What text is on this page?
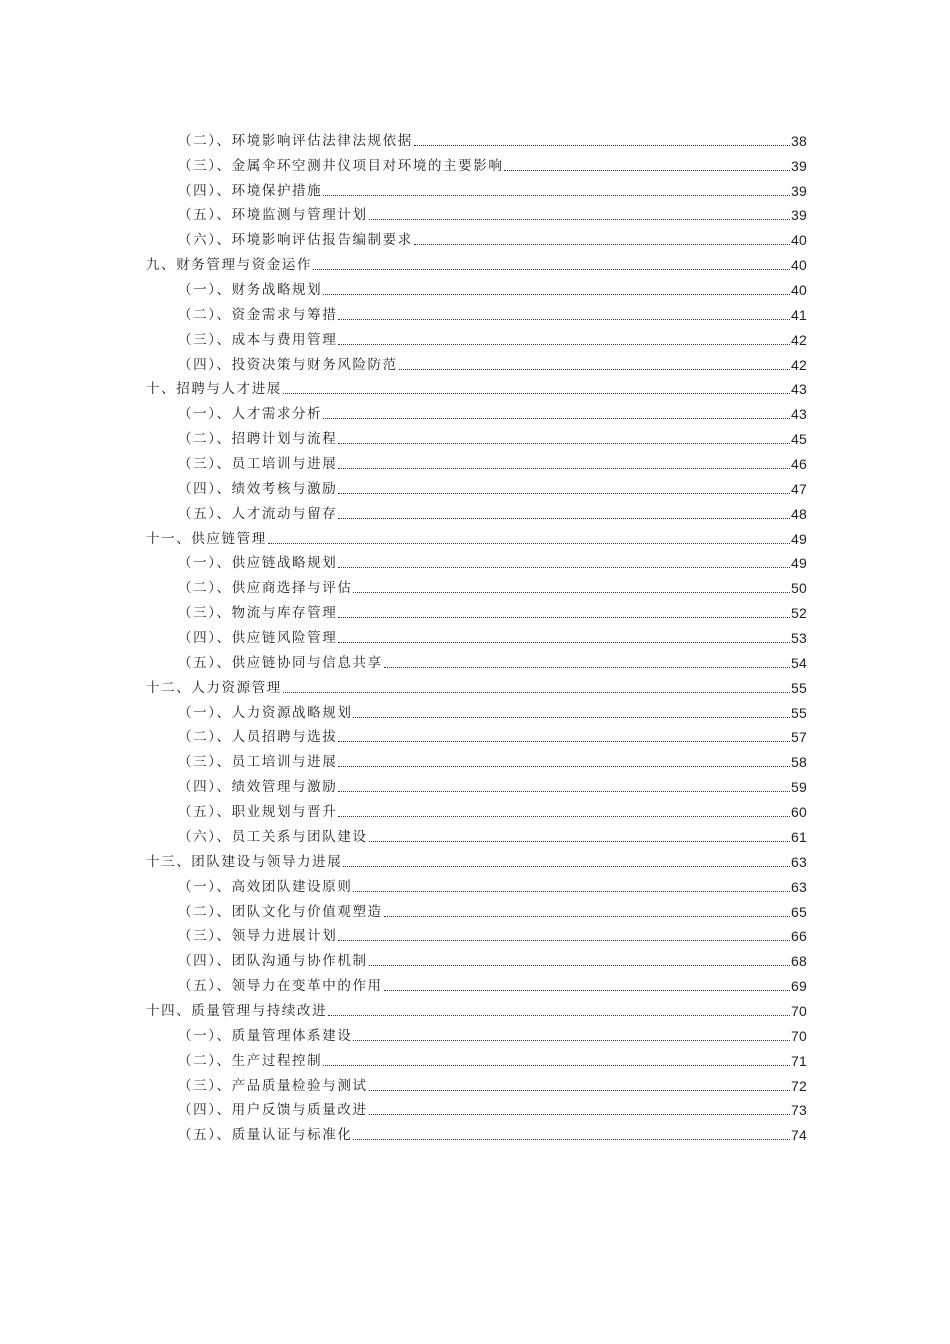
（二）、环境影响评估法律法规依据	38
（三）、金属伞环空测井仪项目对环境的主要影响	39
（四）、环境保护措施	39
（五）、环境监测与管理计划	39
（六）、环境影响评估报告编制要求	40
九、财务管理与资金运作	40
（一）、财务战略规划	40
（二）、资金需求与筹措	41
（三）、成本与费用管理	42
（四）、投资决策与财务风险防范	42
十、招聘与人才进展	43
（一）、人才需求分析	43
（二）、招聘计划与流程	45
（三）、员工培训与进展	46
（四）、绩效考核与激励	47
（五）、人才流动与留存	48
十一、供应链管理	49
（一）、供应链战略规划	49
（二）、供应商选择与评估	50
（三）、物流与库存管理	52
（四）、供应链风险管理	53
（五）、供应链协同与信息共享	54
十二、人力资源管理	55
（一）、人力资源战略规划	55
（二）、人员招聘与选拔	57
（三）、员工培训与进展	58
（四）、绩效管理与激励	59
（五）、职业规划与晋升	60
（六）、员工关系与团队建设	61
十三、团队建设与领导力进展	63
（一）、高效团队建设原则	63
（二）、团队文化与价值观塑造	65
（三）、领导力进展计划	66
（四）、团队沟通与协作机制	68
（五）、领导力在变革中的作用	69
十四、质量管理与持续改进	70
（一）、质量管理体系建设	70
（二）、生产过程控制	71
（三）、产品质量检验与测试	72
（四）、用户反馈与质量改进	73
（五）、质量认证与标准化	74
